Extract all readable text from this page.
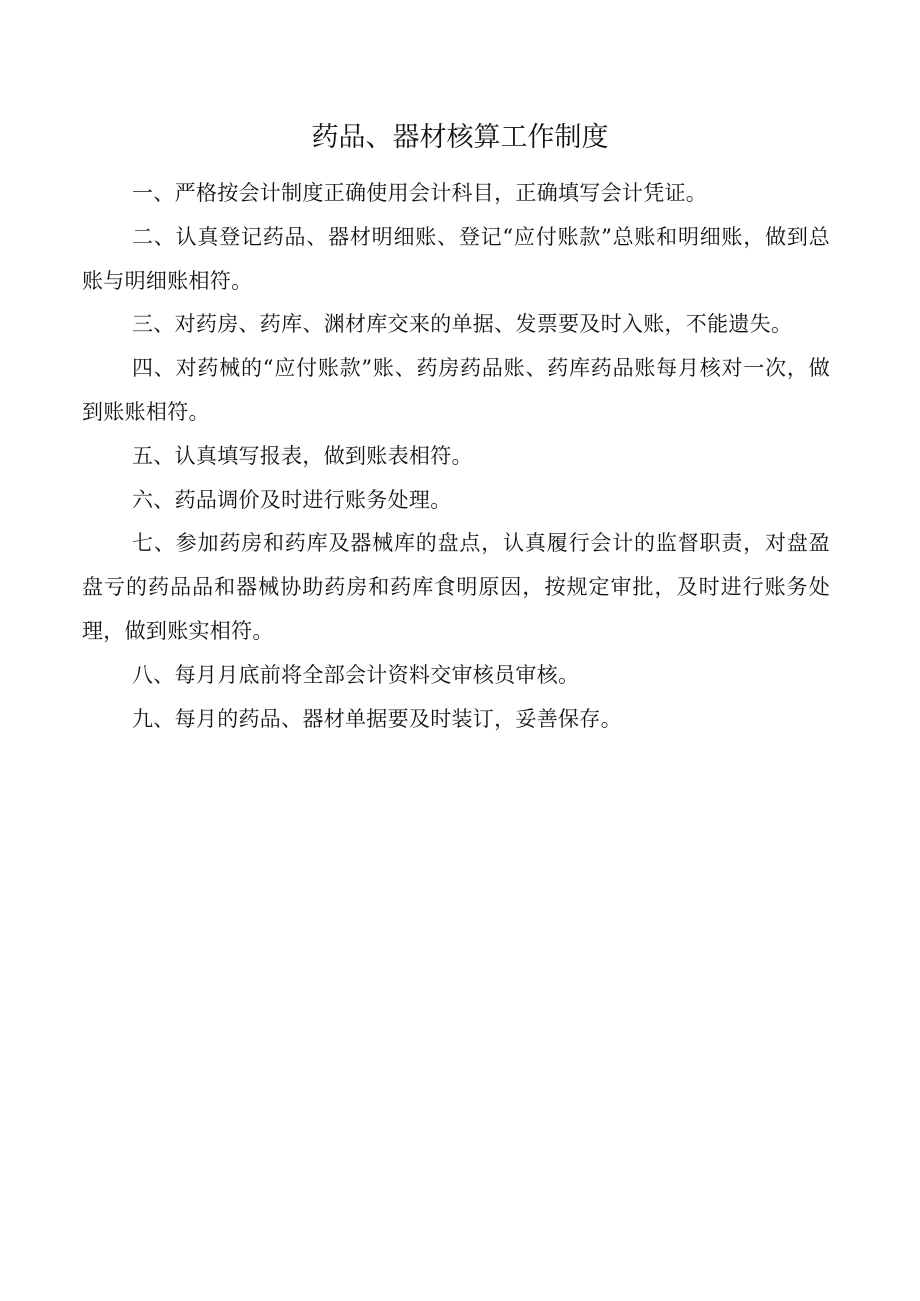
药品、器材核算工作制度

一、严格按会计制度正确使用会计科目，正确填写会计凭证。

二、认真登记药品、器材明细账、登记“应付账款”总账和明细账，做到总账与明细账相符。

三、对药房、药库、渊材库交来的单据、发票要及时入账，不能遗失。

四、对药械的“应付账款”账、药房药品账、药库药品账每月核对一次，做到账账相符。

五、认真填写报表，做到账表相符。

六、药品调价及时进行账务处理。

七、参加药房和药库及器械库的盘点，认真履行会计的监督职责，对盘盈盘亏的药品品和器械协助药房和药库食明原因，按规定审批，及时进行账务处理，做到账实相符。

八、每月月底前将全部会计资料交审核员审核。

九、每月的药品、器材单据要及时装订，妥善保存。
